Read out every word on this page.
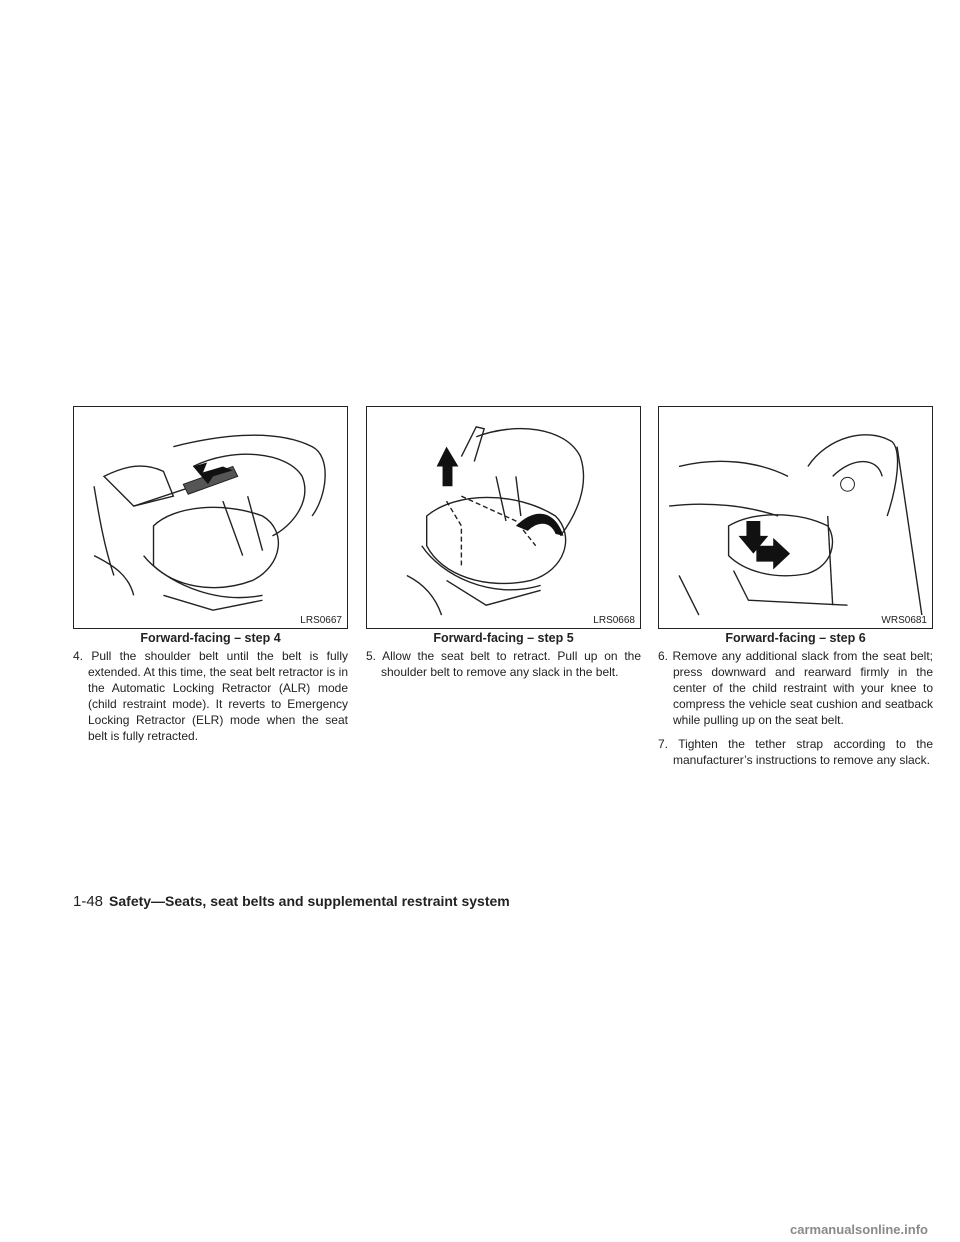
LRS0667
Forward-facing – step 4
LRS0668
Forward-facing – step 5
WRS0681
Forward-facing – step 6

4. Pull the shoulder belt until the belt is fully extended. At this time, the seat belt retractor is in the Automatic Locking Retractor (ALR) mode (child restraint mode). It reverts to Emergency Locking Retractor (ELR) mode when the seat belt is fully retracted.

5. Allow the seat belt to retract. Pull up on the shoulder belt to remove any slack in the belt.

6. Remove any additional slack from the seat belt; press downward and rearward firmly in the center of the child restraint with your knee to compress the vehicle seat cushion and seatback while pulling up on the seat belt.

7. Tighten the tether strap according to the manufacturer’s instructions to remove any slack.

1-48 Safety—Seats, seat belts and supplemental restraint system
carmanualsonline.info
